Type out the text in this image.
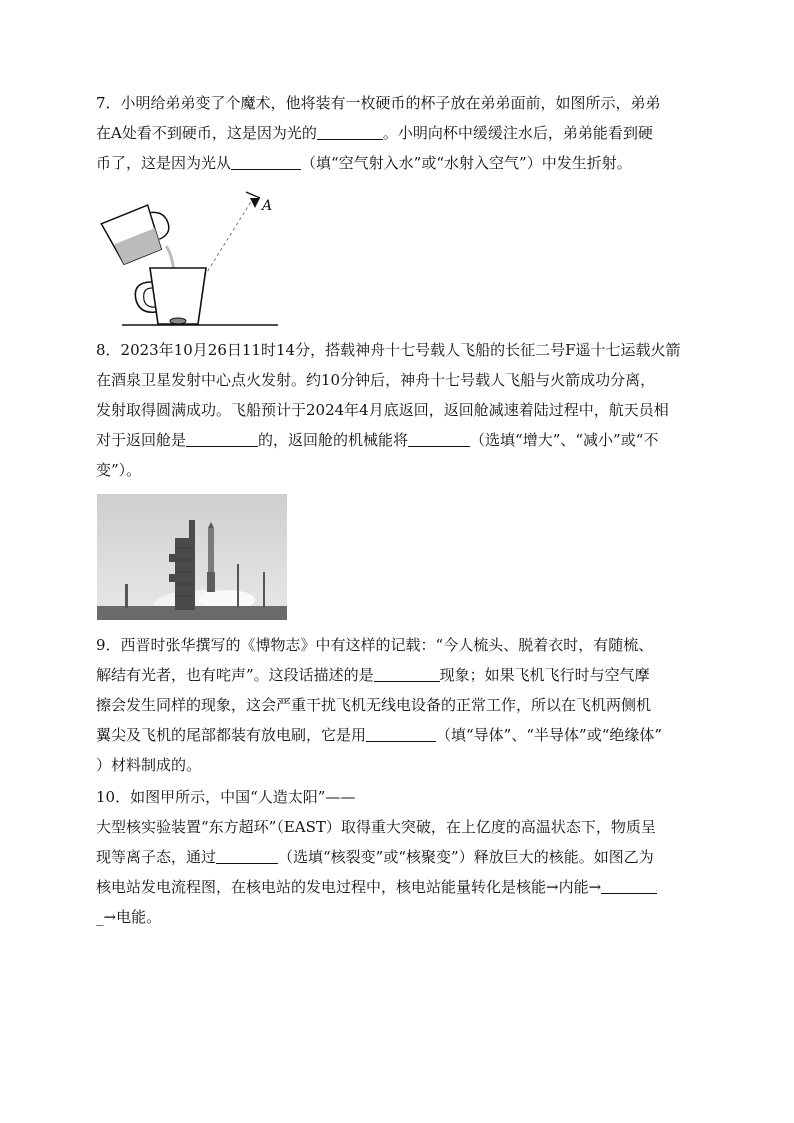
7．小明给弟弟变了个魔术，他将装有一枚硬币的杯子放在弟弟面前，如图所示，弟弟
在A处看不到硬币，这是因为光的	。小明向杯中缓缓注水后，弟弟能看到硬
币了，这是因为光从	（填“空气射入水”或“水射入空气”）中发生折射。
A
8．2023年10月26日11时14分，搭载神舟十七号载人飞船的长征二号F遥十七运载火箭
在酒泉卫星发射中心点火发射。约10分钟后，神舟十七号载人飞船与火箭成功分离，
发射取得圆满成功。飞船预计于2024年4月底返回，返回舱减速着陆过程中，航天员相
对于返回舱是	的，返回舱的机械能将	（选填“增大”、“减小”或“不
变”）。
9．西晋时张华撰写的《博物志》中有这样的记载：“今人梳头、脱着衣时，有随梳、
解结有光者，也有咤声”。这段话描述的是	现象；如果飞机飞行时与空气摩
擦会发生同样的现象，这会严重干扰飞机无线电设备的正常工作，所以在飞机两侧机
翼尖及飞机的尾部都装有放电刷，它是用	（填“导体”、“半导体”或“绝缘体”
）材料制成的。
10．如图甲所示，中国“人造太阳”——
大型核实验装置“东方超环”（EAST）取得重大突破，在上亿度的高温状态下，物质呈
现等离子态，通过	（选填“核裂变”或“核聚变”）释放巨大的核能。如图乙为
核电站发电流程图，在核电站的发电过程中，核电站能量转化是核能→内能→
_→电能。
